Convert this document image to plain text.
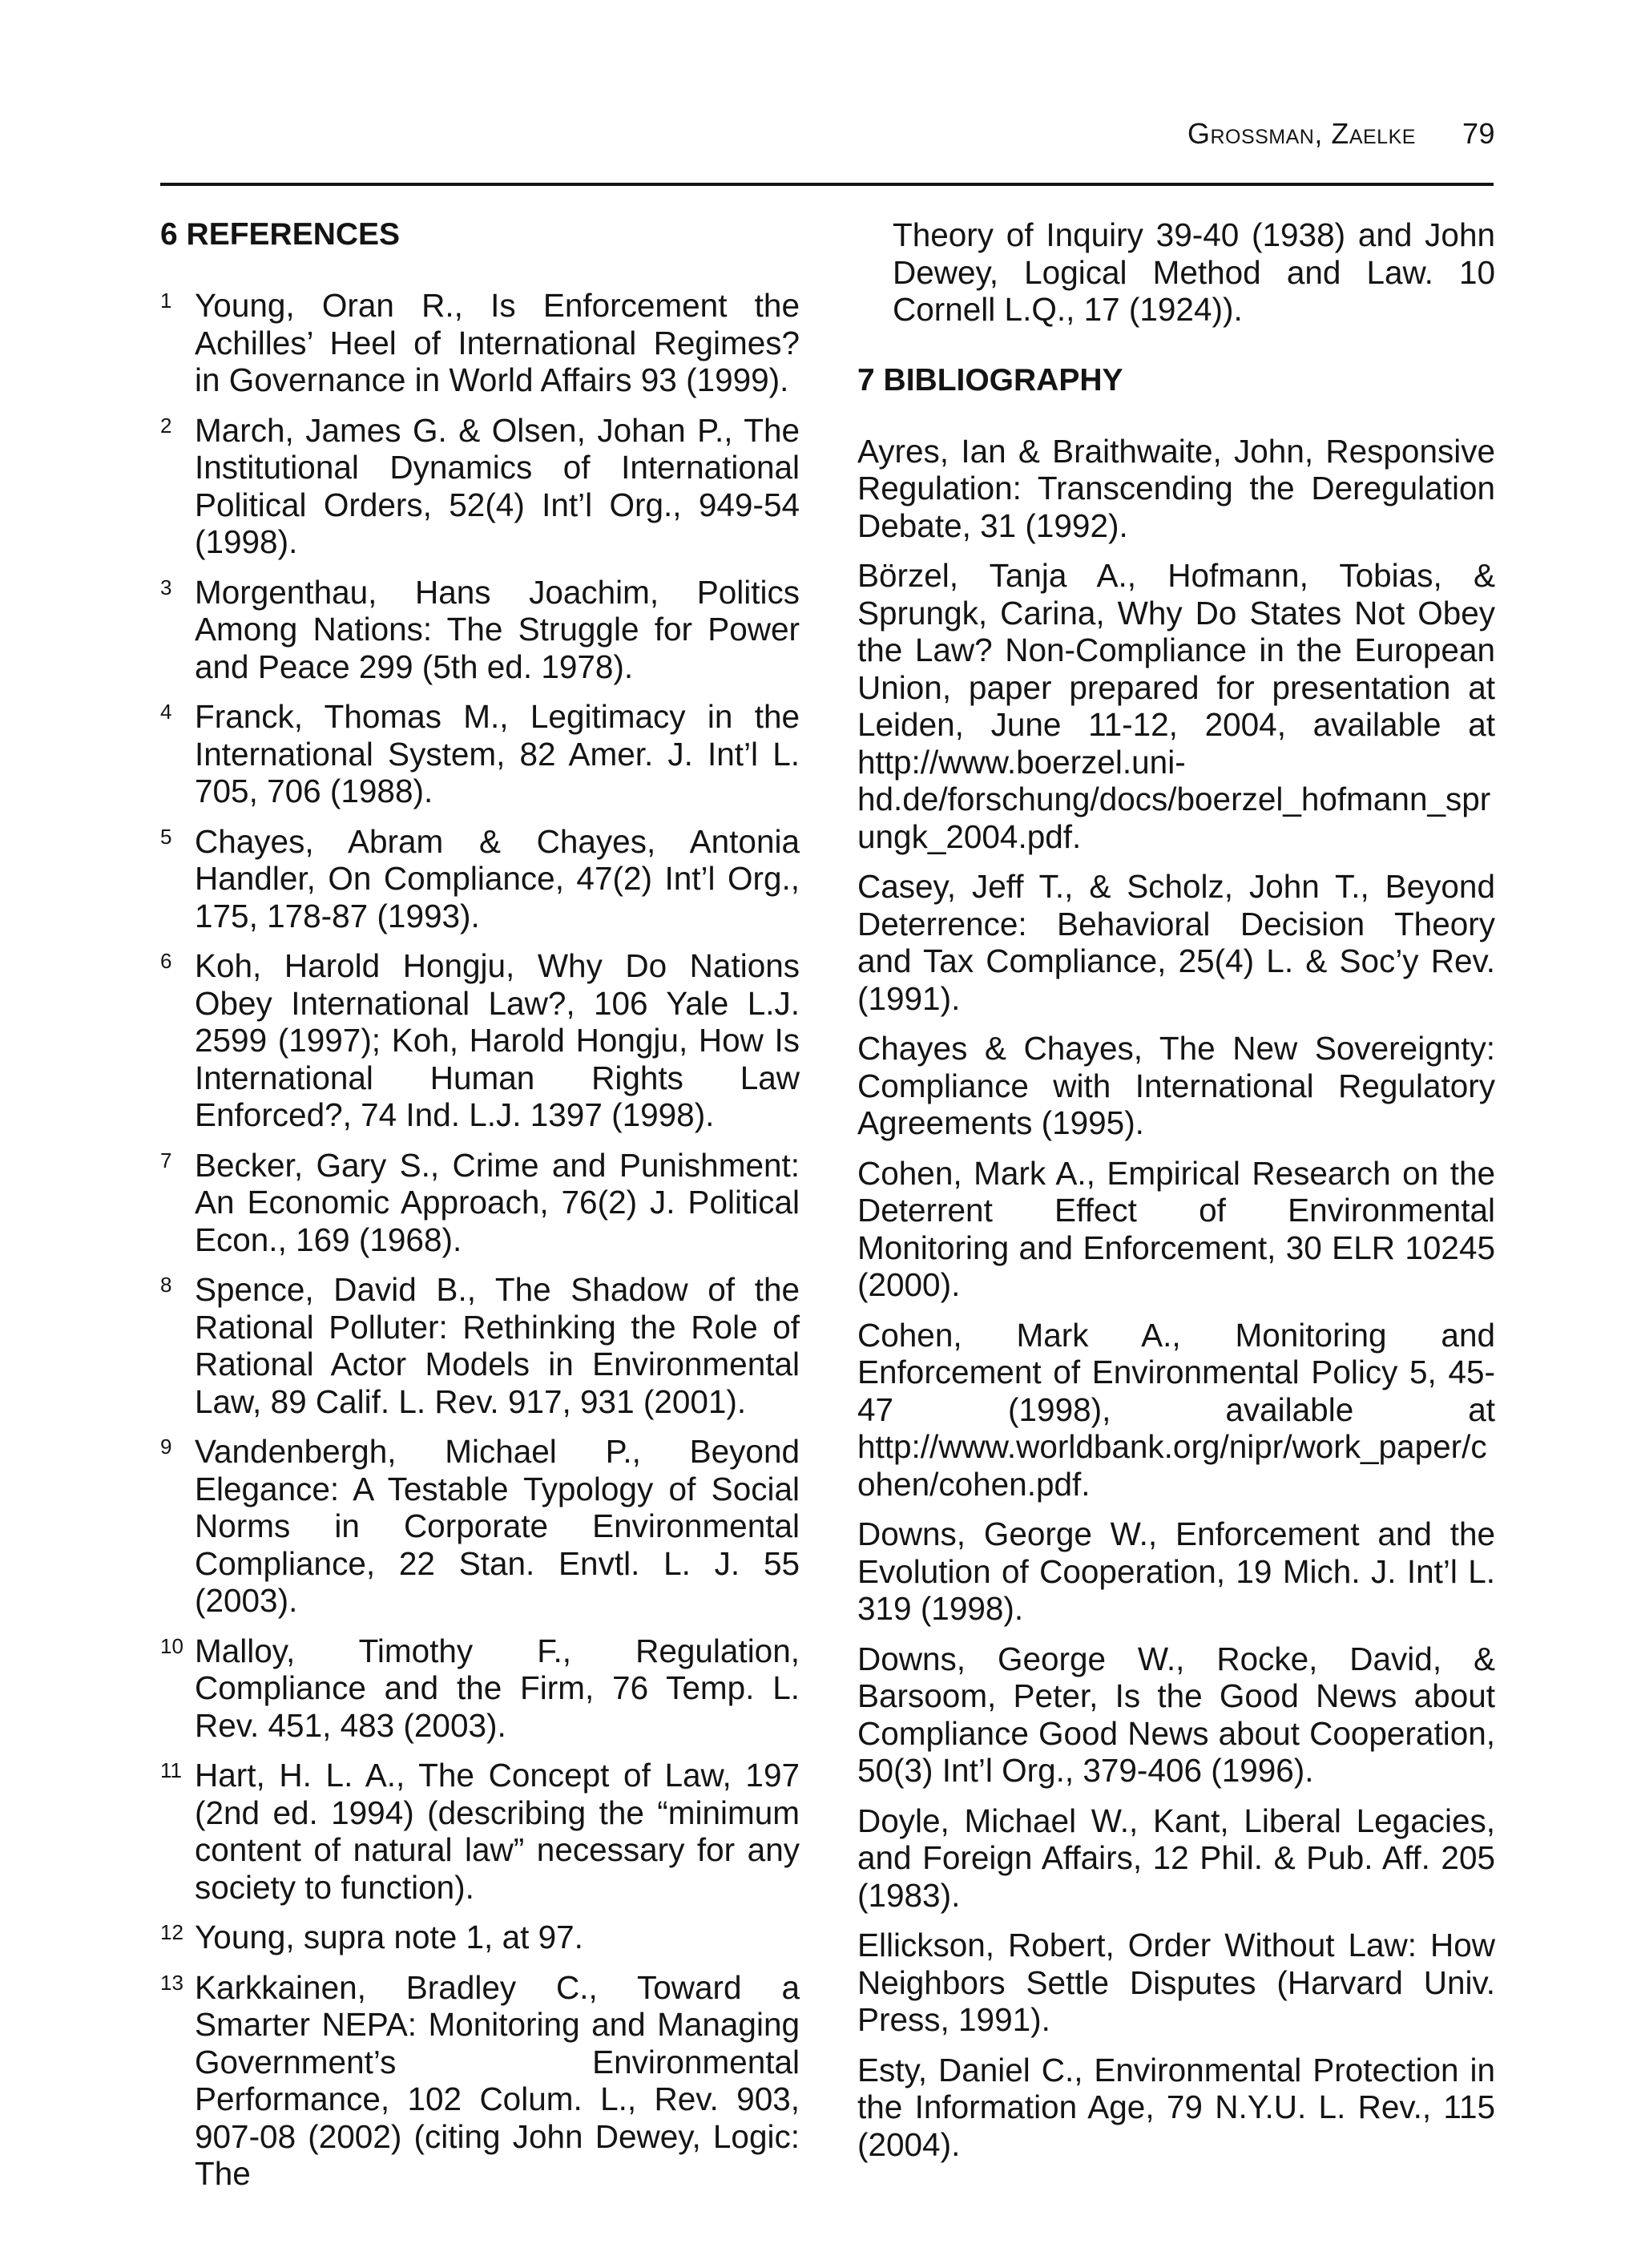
Grossman, Zaelke 79
6 REFERENCES
1 Young, Oran R., Is Enforcement the Achilles’ Heel of International Regimes? in Governance in World Affairs 93 (1999).
2 March, James G. & Olsen, Johan P., The Institutional Dynamics of International Political Orders, 52(4) Int’l Org., 949-54 (1998).
3 Morgenthau, Hans Joachim, Politics Among Nations: The Struggle for Power and Peace 299 (5th ed. 1978).
4 Franck, Thomas M., Legitimacy in the International System, 82 Amer. J. Int’l L. 705, 706 (1988).
5 Chayes, Abram & Chayes, Antonia Handler, On Compliance, 47(2) Int’l Org., 175, 178-87 (1993).
6 Koh, Harold Hongju, Why Do Nations Obey International Law?, 106 Yale L.J. 2599 (1997); Koh, Harold Hongju, How Is International Human Rights Law Enforced?, 74 Ind. L.J. 1397 (1998).
7 Becker, Gary S., Crime and Punishment: An Economic Approach, 76(2) J. Political Econ., 169 (1968).
8 Spence, David B., The Shadow of the Rational Polluter: Rethinking the Role of Rational Actor Models in Environmental Law, 89 Calif. L. Rev. 917, 931 (2001).
9 Vandenbergh, Michael P., Beyond Elegance: A Testable Typology of Social Norms in Corporate Environmental Compliance, 22 Stan. Envtl. L. J. 55 (2003).
10 Malloy, Timothy F., Regulation, Compliance and the Firm, 76 Temp. L. Rev. 451, 483 (2003).
11 Hart, H. L. A., The Concept of Law, 197 (2nd ed. 1994) (describing the “minimum content of natural law” necessary for any society to function).
12 Young, supra note 1, at 97.
13 Karkkainen, Bradley C., Toward a Smarter NEPA: Monitoring and Managing Government’s Environmental Performance, 102 Colum. L., Rev. 903, 907-08 (2002) (citing John Dewey, Logic: The

Theory of Inquiry 39-40 (1938) and John Dewey, Logical Method and Law. 10 Cornell L.Q., 17 (1924)).

7 BIBLIOGRAPHY

Ayres, Ian & Braithwaite, John, Responsive Regulation: Transcending the Deregulation Debate, 31 (1992).

Börzel, Tanja A., Hofmann, Tobias, & Sprungk, Carina, Why Do States Not Obey the Law? Non-Compliance in the European Union, paper prepared for presentation at Leiden, June 11-12, 2004, available at http://www.boerzel.uni-hd.de/forschung/docs/boerzel_hofmann_sprungk_2004.pdf.

Casey, Jeff T., & Scholz, John T., Beyond Deterrence: Behavioral Decision Theory and Tax Compliance, 25(4) L. & Soc’y Rev. (1991).

Chayes & Chayes, The New Sovereignty: Compliance with International Regulatory Agreements (1995).

Cohen, Mark A., Empirical Research on the Deterrent Effect of Environmental Monitoring and Enforcement, 30 ELR 10245 (2000).

Cohen, Mark A., Monitoring and Enforcement of Environmental Policy 5, 45-47 (1998), available at http://www.worldbank.org/nipr/work_paper/cohen/cohen.pdf.

Downs, George W., Enforcement and the Evolution of Cooperation, 19 Mich. J. Int’l L. 319 (1998).

Downs, George W., Rocke, David, & Barsoom, Peter, Is the Good News about Compliance Good News about Cooperation, 50(3) Int’l Org., 379-406 (1996).

Doyle, Michael W., Kant, Liberal Legacies, and Foreign Affairs, 12 Phil. & Pub. Aff. 205 (1983).

Ellickson, Robert, Order Without Law: How Neighbors Settle Disputes (Harvard Univ. Press, 1991).

Esty, Daniel C., Environmental Protection in the Information Age, 79 N.Y.U. L. Rev., 115 (2004).
